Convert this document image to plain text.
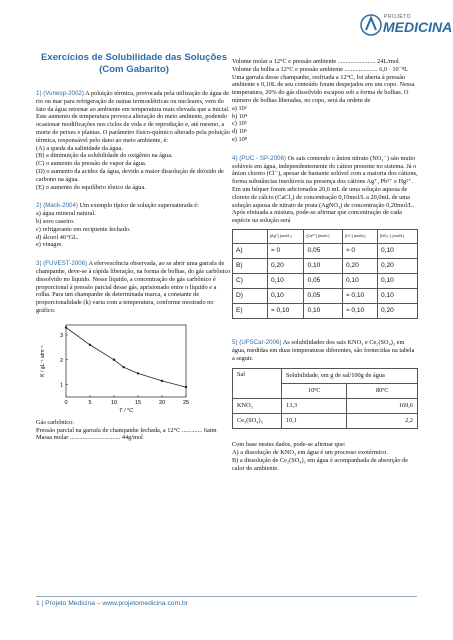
PROJETO
MEDICINA
Exercícios de Solubilidade das Soluções
(Com Gabarito)

1) (Vunesp-2002) A poluição térmica, provocada pela utilização de água de rio ou mar para refrigeração de usinas termoelétricas ou nucleares, vem do fato da água retornar ao ambiente em temperatura mais elevada que a inicial. Este aumento de temperatura provoca alteração do meio ambiente, podendo ocasionar modificações nos ciclos de vida e de reprodução e, até mesmo, a morte de peixes e plantas. O parâmetro físico-químico alterado pela poluição térmica, responsável pelo dano ao meio ambiente, é:

(A) a queda da salinidade da água.

(B) a diminuição da solubilidade do oxigênio na água.

(C) o aumento da pressão de vapor da água.

(D) o aumento da acidez da água, devido a maior dissolução de dióxido de carbono na água.

(E) o aumento do equilíbrio iônico da água.

2) (Mack-2004) Um exemplo típico de solução supersaturada é:

a) água mineral natural.

b) soro caseiro.

c) refrigerante em recipiente fechado.

d) álcool 46°GL.

e) vinagre.

3) (FUVEST-2006) A efervescência observada, ao se abrir uma garrafa de champanhe, deve-se à rápida liberação, na forma de bolhas, do gás carbônico dissolvido no líquido. Nesse líquido, a concentração de gás carbônico é proporcional à pressão parcial desse gás, aprisionado entre o líquido e a rolha. Para um champanhe de determinada marca, a constante de proporcionalidade (k) varia com a temperatura, conforme mostrado no gráfico.

0	5	10	15	20	25
1
2
3
T / °C
K / gL⁻¹ atm⁻¹

Gás carbônico:

Pressão parcial na garrafa de champanhe fechada, a 12°C ............. 6atm

Massa molar ................................ 44g/mol

Volume molar a 12°C e pressão ambiente ........................ 24L/mol

Volume da bolha a 12°C e pressão ambiente ..................... 6,0 · 10⁻⁸L

Uma garrafa desse champanhe, resfriada a 12°C, foi aberta à pressão ambiente e 0,10L de seu conteúdo foram despejados em um copo. Nessa temperatura, 20% do gás dissolvido escapou sob a forma de bolhas. O número de bolhas liberadas, no copo, será da ordem de

a) 10²

b) 10⁴

c) 10⁵

d) 10⁶

e) 10⁸

4) (PUC - SP-2006) Os sais contendo o ânion nitrato (NO₃⁻) são muito solúveis em água, independentemente do cátion presente no sistema. Já o ânion cloreto (Cl⁻), apesar de bastante solúvel com a maioria dos cátions, forma substâncias insolúveis na presença dos cátions Ag⁺, Pb²⁺ e Hg²⁺.

Em um béquer foram adicionados 20,0 mL de uma solução aquosa de cloreto de cálcio (CaCl₂) de concentração 0,10mol/L a 20,0mL de uma solução aquosa de nitrato de prata (AgNO₃) de concentração 0,20mol/L. Após efetuada a mistura, pode-se afirmar que concentração de cada espécie na solução será

	[Ag⁺] (mol/L)	[Ca²⁺] (mol/L)	[Cl⁻] (mol/L)	[NO₃⁻] (mol/L)
A)	≈ 0	0,05	≈ 0	0,10
B)	0,20	0,10	0,20	0,20
C)	0,10	0,05	0,10	0,10
D)	0,10	0,05	≈ 0,10	0,10
E)	≈ 0,10	0,10	≈ 0,10	0,20

5) (UFSCar-2006) As solubilidades dos sais KNO₃ e Ce₂(SO₄)₃ em água, medidas em duas temperaturas diferentes, são fornecidas na tabela a seguir.

Sal	Solubilidade, em g de sal/100g de água	
	10ºC	80ºC
KNO₃	13,3	169,6
Ce₂(SO₄)₃	10,1	2,2

Com base nestes dados, pode-se afirmar que:

A) a dissolução de KNO₃ em água é um processo exotérmico.

B) a dissolução de Ce₂(SO₄)₃ em água é acompanhada de absorção de calor do ambiente.

1 | Projeto Medicina – www.projetomedicina.com.br
